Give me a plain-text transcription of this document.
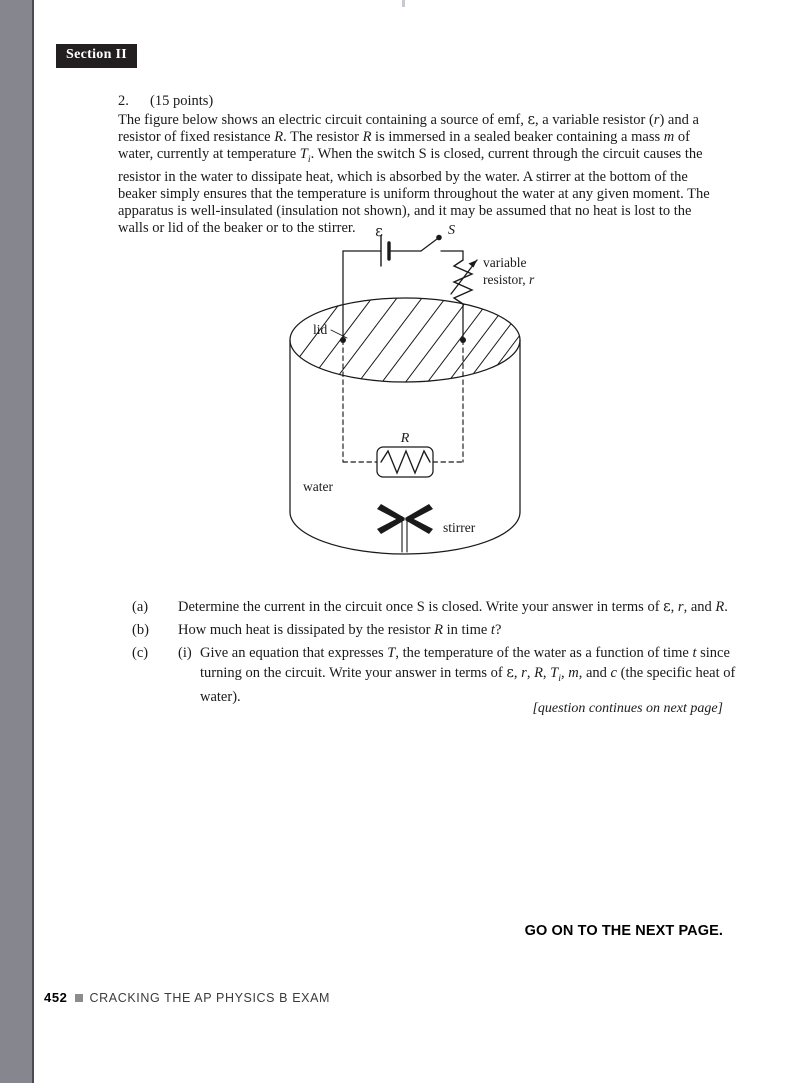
Section II
2. (15 points)
The figure below shows an electric circuit containing a source of emf, ε, a variable resistor (r) and a resistor of fixed resistance R. The resistor R is immersed in a sealed beaker containing a mass m of water, currently at temperature $T_i$. When the switch S is closed, current through the circuit causes the resistor in the water to dissipate heat, which is absorbed by the water. A stirrer at the bottom of the beaker simply ensures that the temperature is uniform throughout the water at any given moment. The apparatus is well-insulated (insulation not shown), and it may be assumed that no heat is lost to the walls or lid of the beaker or to the stirrer.	ε	S
variable
resistor, r
lid
R
water
stirrer
(a)	Determine the current in the circuit once S is closed. Write your answer in terms of ε, r, and R.
(b)	How much heat is dissipated by the resistor R in time t?
(c)	(i) Give an equation that expresses T, the temperature of the water as a function of time t since turning on the circuit. Write your answer in terms of ε, r, R, $T_i$, m, and c (the specific heat of water).
[question continues on next page]
GO ON TO THE NEXT PAGE.
452 CRACKING THE AP PHYSICS B EXAM
